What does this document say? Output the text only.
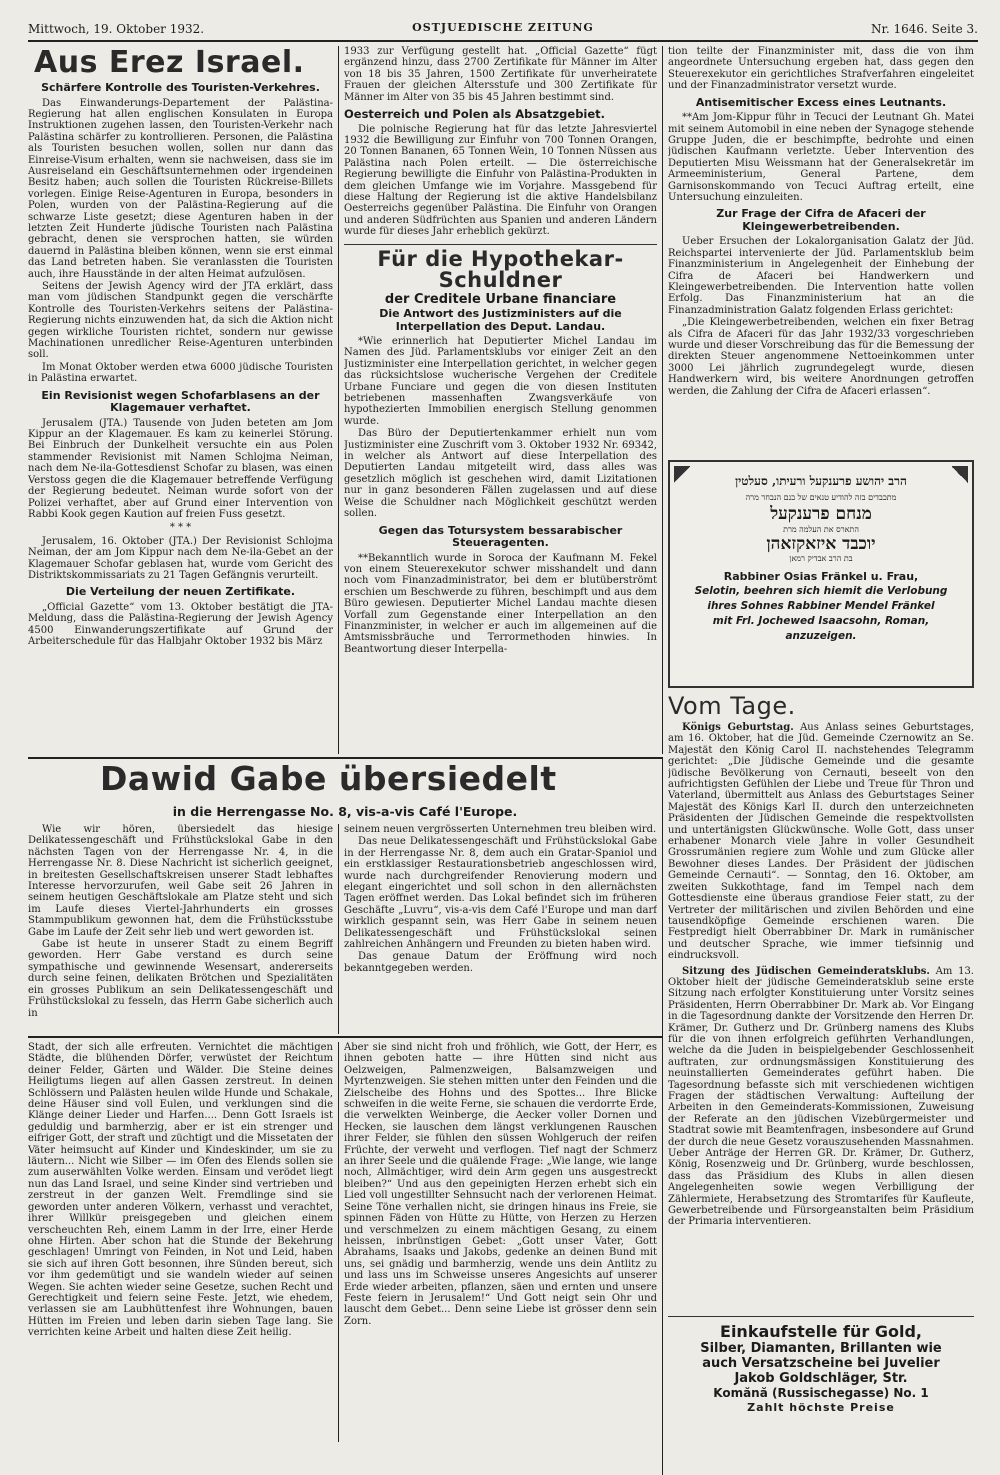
Mittwoch, 19. Oktober 1932.	OSTJUEDISCHE ZEITUNG	Nr. 1646. Seite 3.
Aus Erez Israel.
Schärfere Kontrolle des Touristen-Verkehres.

Das Einwanderungs-Departement der Palästina-Regierung hat allen englischen Konsulaten in Europa Instruktionen zugehen lassen, den Touristen-Verkehr nach Palästina schärfer zu kontrollieren. Personen, die Palästina als Touristen besuchen wollen, sollen nur dann das Einreise-Visum erhalten, wenn sie nachweisen, dass sie im Ausreiseland ein Geschäftsunternehmen oder irgendeinen Besitz haben; auch sollen die Touristen Rückreise-Billets vorlegen. Einige Reise-Agenturen in Europa, besonders in Polen, wurden von der Palästina-Regierung auf die schwarze Liste gesetzt; diese Agenturen haben in der letzten Zeit Hunderte jüdische Touristen nach Palästina gebracht, denen sie versprochen hatten, sie würden dauernd in Palästina bleiben können, wenn sie erst einmal das Land betreten haben. Sie veranlassten die Touristen auch, ihre Hausstände in der alten Heimat aufzulösen.

Seitens der Jewish Agency wird der JTA erklärt, dass man vom jüdischen Standpunkt gegen die verschärfte Kontrolle des Touristen-Verkehrs seitens der Palästina-Regierung nichts einzuwenden hat, da sich die Aktion nicht gegen wirkliche Touristen richtet, sondern nur gewisse Machinationen unredlicher Reise-Agenturen unterbinden soll.

Im Monat Oktober werden etwa 6000 jüdische Touristen in Palästina erwartet.

Ein Revisionist wegen Schofarblasens an der Klagemauer verhaftet.

Jerusalem (JTA.) Tausende von Juden beteten am Jom Kippur an der Klagemauer. Es kam zu keinerlei Störung. Bei Einbruch der Dunkelheit versuchte ein aus Polen stammender Revisionist mit Namen Schlojma Neiman, nach dem Ne-ila-Gottesdienst Schofar zu blasen, was einen Verstoss gegen die die Klagemauer betreffende Verfügung der Regierung bedeutet. Neiman wurde sofort von der Polizei verhaftet, aber auf Grund einer Intervention von Rabbi Kook gegen Kaution auf freien Fuss gesetzt.

* * *

Jerusalem, 16. Oktober (JTA.) Der Revisionist Schlojma Neiman, der am Jom Kippur nach dem Ne-ila-Gebet an der Klagemauer Schofar geblasen hat, wurde vom Gericht des Distriktskommissariats zu 21 Tagen Gefängnis verurteilt.

Die Verteilung der neuen Zertifikate.

„Official Gazette“ vom 13. Oktober bestätigt die JTA-Meldung, dass die Palästina-Regierung der Jewish Agency 4500 Einwanderungszertifikate auf Grund der Arbeiterschedule für das Halbjahr Oktober 1932 bis März

1933 zur Verfügung gestellt hat. „Official Gazette“ fügt ergänzend hinzu, dass 2700 Zertifikate für Männer im Alter von 18 bis 35 Jahren, 1500 Zertifikate für unverheiratete Frauen der gleichen Altersstufe und 300 Zertifikate für Männer im Alter von 35 bis 45 Jahren bestimmt sind.

Oesterreich und Polen als Absatzgebiet.

Die polnische Regierung hat für das letzte Jahresviertel 1932 die Bewilligung zur Einfuhr von 700 Tonnen Orangen, 20 Tonnen Bananen, 65 Tonnen Wein, 10 Tonnen Nüssen aus Palästina nach Polen erteilt. — Die österreichische Regierung bewilligte die Einfuhr von Palästina-Produkten in dem gleichen Umfange wie im Vorjahre. Massgebend für diese Haltung der Regierung ist die aktive Handelsbilanz Oesterreichs gegenüber Palästina. Die Einfuhr von Orangen und anderen Südfrüchten aus Spanien und anderen Ländern wurde für dieses Jahr erheblich gekürzt.

Für die Hypothekar-
Schuldner
der Creditele Urbane financiare
Die Antwort des Justizministers auf die Interpellation des Deput. Landau.

*Wie erinnerlich hat Deputierter Michel Landau im Namen des Jüd. Parlamentsklubs vor einiger Zeit an den Justizminister eine Interpellation gerichtet, in welcher gegen das rücksichtslose wucherische Vergehen der Creditele Urbane Funciare und gegen die von diesen Instituten betriebenen massenhaften Zwangsverkäufe von hypothezierten Immobilien energisch Stellung genommen wurde.

Das Büro der Deputiertenkammer erhielt nun vom Justizminister eine Zuschrift vom 3. Oktober 1932 Nr. 69342, in welcher als Antwort auf diese Interpellation des Deputierten Landau mitgeteilt wird, dass alles was gesetzlich möglich ist geschehen wird, damit Lizitationen nur in ganz besonderen Fällen zugelassen und auf diese Weise die Schuldner nach Möglichkeit geschützt werden sollen.

Gegen das Totursystem bessarabischer Steueragenten.

**Bekanntlich wurde in Soroca der Kaufmann M. Fekel von einem Steuerexekutor schwer misshandelt und dann noch vom Finanzadministrator, bei dem er blutüberströmt erschien um Beschwerde zu führen, beschimpft und aus dem Büro gewiesen. Deputierter Michel Landau machte diesen Vorfall zum Gegenstande einer Interpellation an den Finanzminister, in welcher er auch im allgemeinen auf die Amtsmissbräuche und Terrormethoden hinwies. In Beantwortung dieser Interpella-

tion teilte der Finanzminister mit, dass die von ihm angeordnete Untersuchung ergeben hat, dass gegen den Steuerexekutor ein gerichtliches Strafverfahren eingeleitet und der Finanzadministrator versetzt wurde.

Antisemitischer Excess eines Leutnants.

**Am Jom-Kippur führ in Tecuci der Leutnant Gh. Matei mit seinem Automobil in eine neben der Synagoge stehende Gruppe Juden, die er beschimpfte, bedrohte und einen jüdischen Kaufmann verletzte. Ueber Intervention des Deputierten Misu Weissmann hat der Generalsekretär im Armeeministerium, General Partene, dem Garnisonskommando von Tecuci Auftrag erteilt, eine Untersuchung einzuleiten.

Zur Frage der Cifra de Afaceri der Kleingewerbetreibenden.

Ueber Ersuchen der Lokalorganisation Galatz der Jüd. Reichspartei intervenierte der Jüd. Parlamentsklub beim Finanzministerium in Angelegenheit der Einhebung der Cifra de Afaceri bei Handwerkern und Kleingewerbetreibenden. Die Intervention hatte vollen Erfolg. Das Finanzministerium hat an die Finanzadministration Galatz folgenden Erlass gerichtet:

„Die Kleingewerbetreibenden, welchen ein fixer Betrag als Cifra de Afaceri für das Jahr 1932/33 vorgeschrieben wurde und dieser Vorschreibung das für die Bemessung der direkten Steuer angenommene Nettoeinkommen unter 3000 Lei jährlich zugrundegelegt wurde, diesen Handwerkern wird, bis weitere Anordnungen getroffen werden, die Zahlung der Cifra de Afaceri erlassen“.

הרב יהושע פרענקעל ורעיתו, סעלטין
מתכבדים בזה להודיע טנאים של בנם הנבחר מרה
מנחם פרענקעל
התארס את העלמה מרת
יוכבד איזאקזאהן
בת הרב אבדיק רמאן
Rabbiner Osias Fränkel u. Frau,
Selotin, beehren sich hiemit die Verlobung
ihres Sohnes Rabbiner Mendel Fränkel
mit Frl. Jochewed Isaacsohn, Roman,
anzuzeigen.
Vom Tage.

Königs Geburtstag. Aus Anlass seines Geburtstages, am 16. Oktober, hat die Jüd. Gemeinde Czernowitz an Se. Majestät den König Carol II. nachstehendes Telegramm gerichtet: „Die Jüdische Gemeinde und die gesamte jüdische Bevölkerung von Cernauti, beseelt von den aufrichtigsten Gefühlen der Liebe und Treue für Thron und Vaterland, übermittelt aus Anlass des Geburtstages Seiner Majestät des Königs Karl II. durch den unterzeichneten Präsidenten der Jüdischen Gemeinde die respektvollsten und untertänigsten Glückwünsche. Wolle Gott, dass unser erhabener Monarch viele Jahre in voller Gesundheit Grossrumänien regiere zum Wohle und zum Glücke aller Bewohner dieses Landes. Der Präsident der jüdischen Gemeinde Cernauti“. — Sonntag, den 16. Oktober, am zweiten Sukkothtage, fand im Tempel nach dem Gottesdienste eine überaus grandiose Feier statt, zu der Vertreter der militärischen und zivilen Behörden und eine tausendköpfige Gemeinde erschienen waren. Die Festpredigt hielt Oberrabbiner Dr. Mark in rumänischer und deutscher Sprache, wie immer tiefsinnig und eindrucksvoll.

Sitzung des Jüdischen Gemeinderatsklubs. Am 13. Oktober hielt der jüdische Gemeinderatsklub seine erste Sitzung nach erfolgter Konstituierung unter Vorsitz seines Präsidenten, Herrn Oberrabbiner Dr. Mark ab. Vor Eingang in die Tagesordnung dankte der Vorsitzende den Herren Dr. Krämer, Dr. Gutherz und Dr. Grünberg namens des Klubs für die von ihnen erfolgreich geführten Verhandlungen, welche da die Juden in beispielgebender Geschlossenheit auftraten, zur ordnungsmässigen Konstituierung des neuinstallierten Gemeinderates geführt haben. Die Tagesordnung befasste sich mit verschiedenen wichtigen Fragen der städtischen Verwaltung: Aufteilung der Arbeiten in den Gemeinderats-Kommissionen, Zuweisung der Referate an den jüdischen Vizebürgermeister und Stadtrat sowie mit Beamtenfragen, insbesondere auf Grund der durch die neue Gesetz vorauszusehenden Massnahmen. Ueber Anträge der Herren GR. Dr. Krämer, Dr. Gutherz, König, Rosenzweig und Dr. Grünberg, wurde beschlossen, dass das Präsidium des Klubs in allen diesen Angelegenheiten sowie wegen Verbilligung der Zählermiete, Herabsetzung des Stromtarifes für Kaufleute, Gewerbetreibende und Fürsorgeanstalten beim Präsidium der Primaria interventieren.

Einkaufstelle für Gold,
Silber, Diamanten, Brillanten wie
auch Versatzscheine bei Juvelier
Jakob Goldschläger, Str.
Komănă (Russischegasse) No. 1
Zahlt höchste Preise
Dawid Gabe übersiedelt
in die Herrengasse No. 8, vis-a-vis Café l'Europe.

Wie wir hören, übersiedelt das hiesige Delikatessengeschäft und Frühstückslokal Gabe in den nächsten Tagen von der Herrengasse Nr. 4, in die Herrengasse Nr. 8. Diese Nachricht ist sicherlich geeignet, in breitesten Gesellschaftskreisen unserer Stadt lebhaftes Interesse hervorzurufen, weil Gabe seit 26 Jahren in seinem heutigen Geschäftslokale am Platze steht und sich im Laufe dieses Viertel-Jahrhunderts ein grosses Stammpublikum gewonnen hat, dem die Frühstücksstube Gabe im Laufe der Zeit sehr lieb und wert geworden ist.

Gabe ist heute in unserer Stadt zu einem Begriff geworden. Herr Gabe verstand es durch seine sympathische und gewinnende Wesensart, andererseits durch seine feinen, delikaten Brötchen und Spezialitäten ein grosses Publikum an sein Delikatessengeschäft und Frühstückslokal zu fesseln, das Herrn Gabe sicherlich auch in

seinem neuen vergrösserten Unternehmen treu bleiben wird.

Das neue Delikatessengeschäft und Frühstückslokal Gabe in der Herrengasse Nr. 8, dem auch ein Gratar-Spaniol und ein erstklassiger Restaurationsbetrieb angeschlossen wird, wurde nach durchgreifender Renovierung modern und elegant eingerichtet und soll schon in den allernächsten Tagen eröffnet werden. Das Lokal befindet sich im früheren Geschäfte „Luvru“, vis-a-vis dem Café l'Europe und man darf wirklich gespannt sein, was Herr Gabe in seinem neuen Delikatessengeschäft und Frühstückslokal seinen zahlreichen Anhängern und Freunden zu bieten haben wird.

Das genaue Datum der Eröffnung wird noch bekanntgegeben werden.

Stadt, der sich alle erfreuten. Vernichtet die mächtigen Städte, die blühenden Dörfer, verwüstet der Reichtum deiner Felder, Gärten und Wälder. Die Steine deines Heiligtums liegen auf allen Gassen zerstreut. In deinen Schlössern und Palästen heulen wilde Hunde und Schakale, deine Häuser sind voll Eulen, und verklungen sind die Klänge deiner Lieder und Harfen.... Denn Gott Israels ist geduldig und barmherzig, aber er ist ein strenger und eifriger Gott, der straft und züchtigt und die Missetaten der Väter heimsucht auf Kinder und Kindeskinder, um sie zu läutern... Nicht wie Silber — im Ofen des Elends sollen sie zum auserwählten Volke werden. Einsam und verödet liegt nun das Land Israel, und seine Kinder sind vertrieben und zerstreut in der ganzen Welt. Fremdlinge sind sie geworden unter anderen Völkern, verhasst und verachtet, ihrer Willkür preisgegeben und gleichen einem verscheuchten Reh, einem Lamm in der Irre, einer Herde ohne Hirten. Aber schon hat die Stunde der Bekehrung geschlagen! Umringt von Feinden, in Not und Leid, haben sie sich auf ihren Gott besonnen, ihre Sünden bereut, sich vor ihm gedemütigt und sie wandeln wieder auf seinen Wegen. Sie achten wieder seine Gesetze, suchen Recht und Gerechtigkeit und feiern seine Feste. Jetzt, wie ehedem, verlassen sie am Laubhüttenfest ihre Wohnungen, bauen Hütten im Freien und leben darin sieben Tage lang. Sie verrichten keine Arbeit und halten diese Zeit heilig.

Aber sie sind nicht froh und fröhlich, wie Gott, der Herr, es ihnen geboten hatte — ihre Hütten sind nicht aus Oelzweigen, Palmenzweigen, Balsamzweigen und Myrtenzweigen. Sie stehen mitten unter den Feinden und die Zielscheibe des Hohns und des Spottes... Ihre Blicke schweifen in die weite Ferne, sie schauen die verdorrte Erde, die verwelkten Weinberge, die Aecker voller Dornen und Hecken, sie lauschen dem längst verklungenen Rauschen ihrer Felder, sie fühlen den süssen Wohlgeruch der reifen Früchte, der verweht und verflogen. Tief nagt der Schmerz an ihrer Seele und die quälende Frage: „Wie lange, wie lange noch, Allmächtiger, wird dein Arm gegen uns ausgestreckt bleiben?“ Und aus den gepeinigten Herzen erhebt sich ein Lied voll ungestillter Sehnsucht nach der verlorenen Heimat. Seine Töne verhallen nicht, sie dringen hinaus ins Freie, sie spinnen Fäden von Hütte zu Hütte, von Herzen zu Herzen und verschmelzen zu einem mächtigen Gesang, zu einem heissen, inbrünstigen Gebet: „Gott unser Vater, Gott Abrahams, Isaaks und Jakobs, gedenke an deinen Bund mit uns, sei gnädig und barmherzig, wende uns dein Antlitz zu und lass uns im Schweisse unseres Angesichts auf unserer Erde wieder arbeiten, pflanzen, säen und ernten und unsere Feste feiern in Jerusalem!“ Und Gott neigt sein Ohr und lauscht dem Gebet... Denn seine Liebe ist grösser denn sein Zorn.
